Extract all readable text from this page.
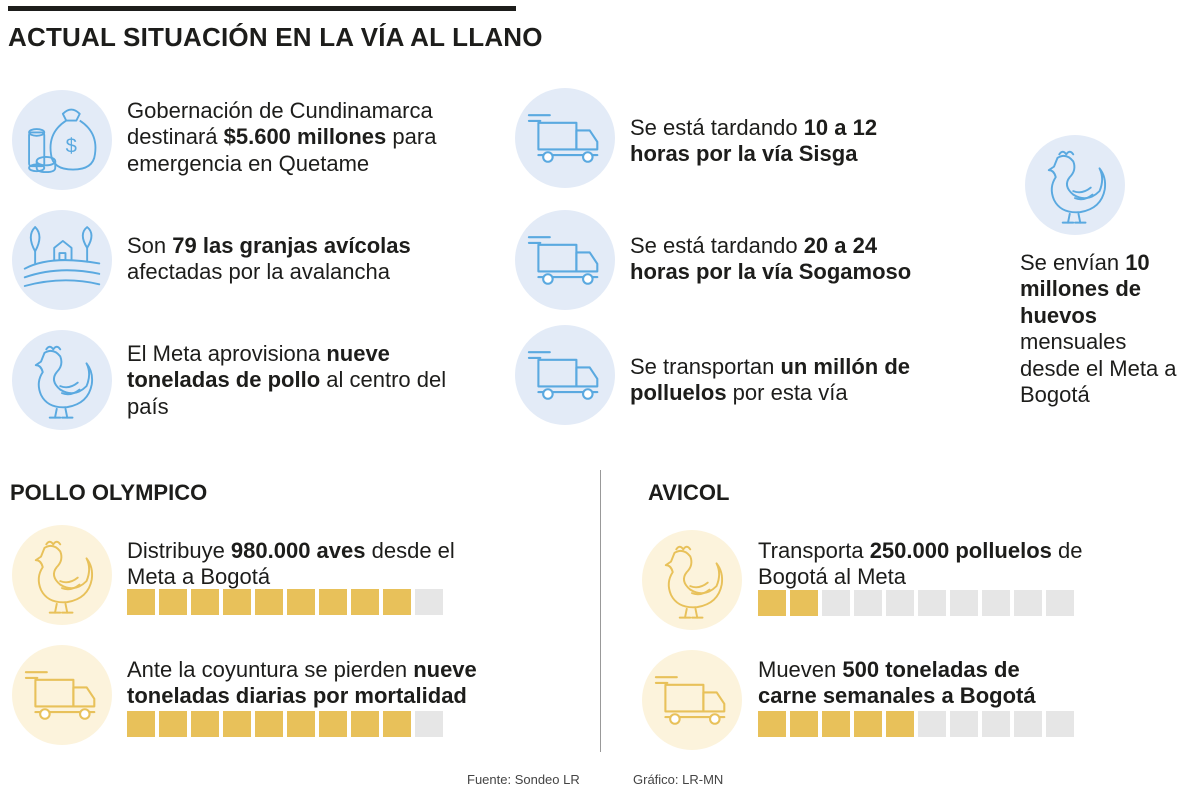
ACTUAL SITUACIÓN EN LA VÍA AL LLANO
Gobernación de Cundinamarca destinará $5.600 millones para emergencia en Quetame
Son 79 las granjas avícolas afectadas por la avalancha
El Meta aprovisiona nueve toneladas de pollo al centro del país
Se está tardando 10 a 12 horas por la vía Sisga
Se está tardando 20 a 24 horas por la vía Sogamoso
Se transportan un millón de polluelos por esta vía
Se envían 10 millones de huevos mensuales desde el Meta a Bogotá
POLLO OLYMPICO	AVICOL
Distribuye 980.000 aves desde el Meta a Bogotá
Ante la coyuntura se pierden nueve toneladas diarias por mortalidad
Transporta 250.000 polluelos de Bogotá al Meta
Mueven 500 toneladas de carne semanales a Bogotá
Fuente: Sondeo LR	Gráfico: LR-MN
